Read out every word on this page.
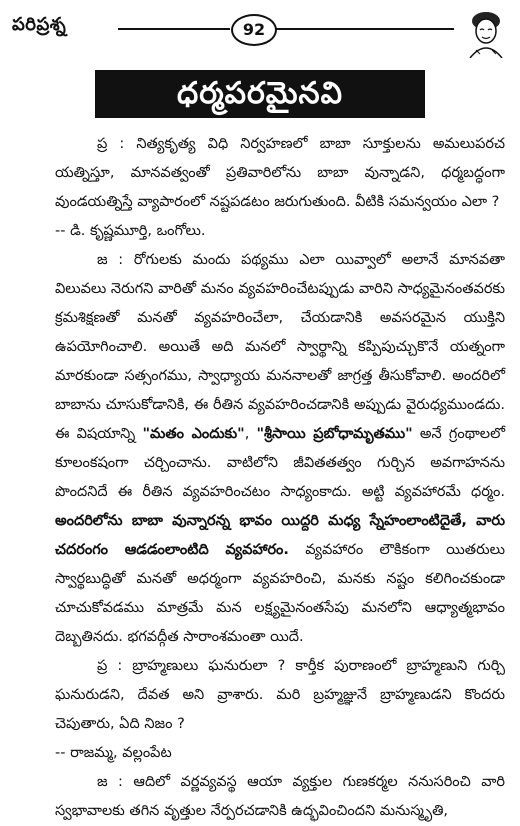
పరిప్రశ్న	92
ధర్మపరమైనవి

ప్ర : నిత్యకృత్య విధి నిర్వహణలో బాబా సూక్తులను అమలుపరచ యత్నిస్తూ, మానవత్వంతో ప్రతివారిలోను బాబా వున్నాడని, ధర్మబద్ధంగా వుండయత్నిస్తే వ్యాపారంలో నష్టపడటం జరుగుతుంది. వీటికి సమన్వయం ఎలా ?

-- డి. కృష్ణమూర్తి, ఒంగోలు.

జ : రోగులకు మందు పథ్యము ఎలా యివ్వాలో అలానే మానవతా విలువలు నెరుగని వారితో మనం వ్యవహరించేటప్పుడు వారిని సాధ్యమైనంతవరకు క్రమశిక్షణతో మనతో వ్యవహరించేలా, చేయడానికి అవసరమైన యుక్తిని ఉపయోగించాలి. అయితే అది మనలో స్వార్థాన్ని కప్పిపుచ్చుకొనే యత్నంగా మారకుండా సత్సంగము, స్వాధ్యాయ మననాలతో జాగ్రత్త తీసుకోవాలి. అందరిలో బాబాను చూసుకోడానికి, ఈ రీతిన వ్యవహరించడానికి అప్పుడు వైరుధ్యముండదు. ఈ విషయాన్ని "మతం ఎందుకు", "శ్రీసాయి ప్రబోధామృతము" అనే గ్రంథాలలో కూలంకషంగా చర్చించాను. వాటిలోని జీవితతత్వం గుర్చిన అవగాహనను పొందనిదే ఈ రీతిన వ్యవహరించటం సాధ్యంకాదు. అట్టి వ్యవహారమే ధర్మం. అందరిలోను బాబా వున్నారన్న భావం యిద్దరి మధ్య స్నేహంలాంటిదైతే, వారు చదరంగం ఆడడంలాంటిది వ్యవహారం. వ్యవహారం లౌకికంగా యితరులు స్వార్థబుద్ధితో మనతో అధర్మంగా వ్యవహరించి, మనకు నష్టం కలిగించకుండా చూచుకోవడము మాత్రమే మన లక్ష్యమైనంతసేపు మనలోని ఆధ్యాత్మభావం దెబ్బతినదు. భగవద్గీత సారాంశమంతా యిదే.

ప్ర : బ్రాహ్మణులు ఘనురులా ? కార్తీక పురాణంలో బ్రాహ్మణుని గుర్చి ఘనురుడని, దేవత అని వ్రాశారు. మరి బ్రహ్మజ్ఞునే బ్రాహ్మణుడని కొందరు చెపుతారు, ఏది నిజం ?

-- రాజమ్మ, వల్లంపేట

జ : ఆదిలో వర్ణవ్యవస్థ ఆయా వ్యక్తుల గుణకర్మల ననుసరించి వారి స్వభావాలకు తగిన వృత్తుల నేర్పరచడానికి ఉద్భవించిందని మనుస్మృతి,
